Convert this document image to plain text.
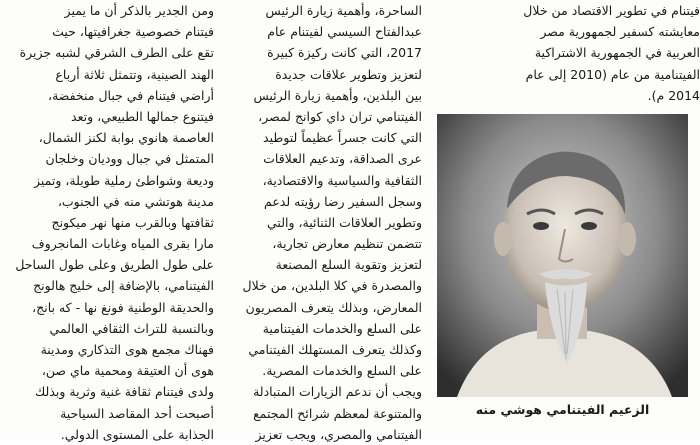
فيتنام في تطوير الاقتصاد من خلال
معايشته كسفير لجمهورية مصر
العربية في الجمهورية الاشتراكية
الفيتنامية من عام (2010 إلى عام
2014 م).
الساحرة، وأهمية زيارة الرئيس
عبدالفتاح السيسي لفيتنام عام
2017، التي كانت ركيزة كبيرة
لتعزيز وتطوير علاقات جديدة
بين البلدين، وأهمية زيارة الرئيس
الفيتنامي تران داي كوانج لمصر،
التي كانت جسراً عظيماً لتوطيد
عرى الصداقة، وتدعيم العلاقات
الثقافية والسياسية والاقتصادية،
وسجل السفير رضا رؤيته لدعم
وتطوير العلاقات الثنائية، والتي
تتضمن تنظيم معارض تجارية،
لتعزيز وتقوية السلع المصنعة
والمصدرة في كلا البلدين، من خلال
المعارض، وبذلك يتعرف المصريون
على السلع والخدمات الفيتنامية
وكذلك يتعرف المستهلك الفيتنامي
على السلع والخدمات المصرية.
ويجب أن ندعم الزيارات المتبادلة
والمتنوعة لمعظم شرائح المجتمع
الفيتنامي والمصري، ويجب تعزيز
ومن الجدير بالذكر أن ما يميز
فيتنام خصوصية جغرافيتها، حيث
تقع على الطرف الشرقي لشبه جزيرة
الهند الصينية، وتتمثل ثلاثة أرباع
أراضي فيتنام في جبال منخفضة،
فيتنوع جمالها الطبيعي، وتعد
العاصمة هانوي بوابة لكنز الشمال،
المتمثل في جبال ووديان وخلجان
وديعة وشواطئ رملية طويلة، وتميز
مدينة هوتشي منه في الجنوب،
ثقافتها وبالقرب منها نهر ميكونج
مارا بقرى المياه وغابات المانجروف
على طول الطريق وعلى طول الساحل
الفيتنامي، بالإضافة إلى خليج هالونج
والحديقة الوطنية فونغ نها - كه بانج،
وبالنسبة للتراث الثقافي العالمي
فهناك مجمع هوى التذكاري ومدينة
هوى أن العتيقة ومحمية ماي صن،
ولدى فيتنام ثقافة غنية وثرية وبذلك
أصبحت أحد المقاصد السياحية
الجذابة على المستوى الدولي.
الزعيم الفيتنامي هوشي منه
